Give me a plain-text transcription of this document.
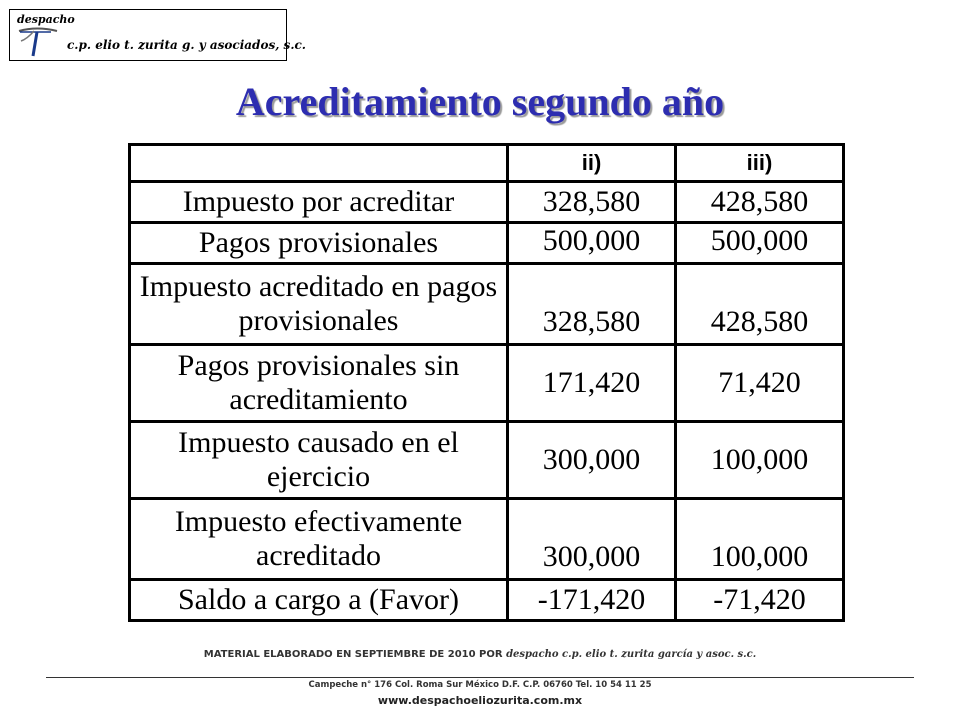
despacho
c.p. elio t. zurita g. y asociados, s.c.
Acreditamiento segundo año
	ii)	iii)
Impuesto por acreditar	328,580	428,580
Pagos provisionales	500,000	500,000
Impuesto acreditado en pagos provisionales	328,580	428,580
Pagos provisionales sin acreditamiento	171,420	71,420
Impuesto causado en el ejercicio	300,000	100,000
Impuesto efectivamente acreditado	300,000	100,000
Saldo a cargo a (Favor)	-171,420	-71,420
MATERIAL ELABORADO EN SEPTIEMBRE DE 2010 POR despacho c.p. elio t. zurita garcía y asoc. s.c.
Campeche n° 176 Col. Roma Sur México D.F. C.P. 06760 Tel. 10 54 11 25
www.despachoeliozurita.com.mx
